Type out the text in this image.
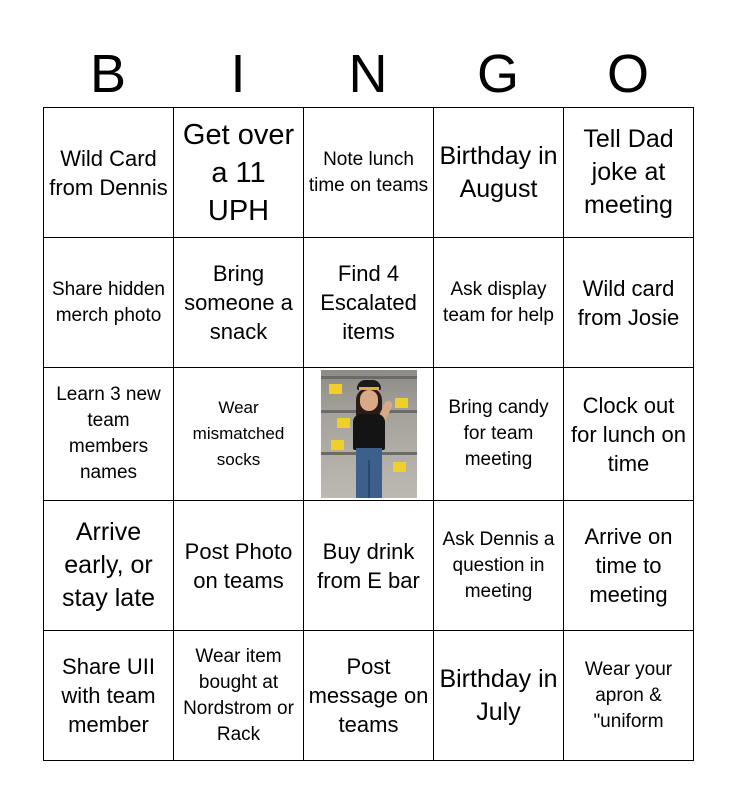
B	I	N	G	O
Wild Card from Dennis	Get over a 11 UPH	Note lunch time on teams	Birthday in August	Tell Dad joke at meeting

Share hidden merch photo	Bring someone a snack	Find 4 Escalated items	Ask display team for help	Wild card from Josie

Learn 3 new team members names	Wear mismatched socks		Bring candy for team meeting	Clock out for lunch on time

Arrive early, or stay late	Post Photo on teams	Buy drink from E bar	Ask Dennis a question in meeting	Arrive on time to meeting

Share UII with team member	Wear item bought at Nordstrom or Rack	Post message on teams	Birthday in July	Wear your apron & "uniform
